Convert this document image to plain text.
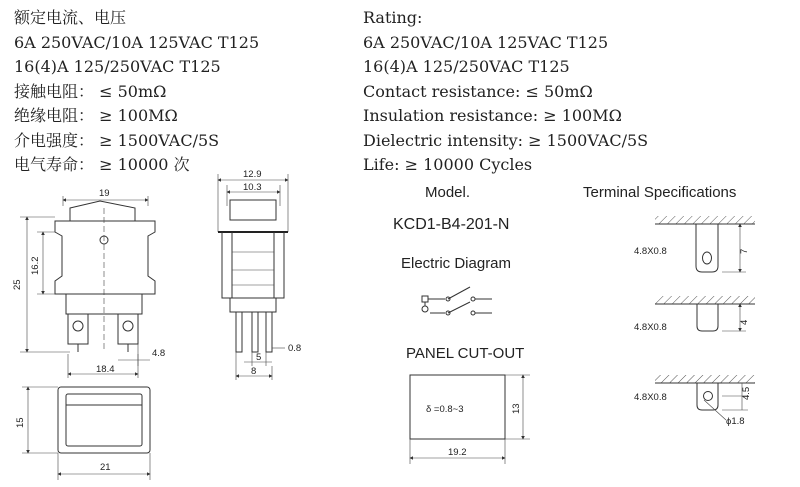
额定电流、电压
6A 250VAC/10A 125VAC T125
16(4)A 125/250VAC T125
接触电阻： ≤ 50mΩ
绝缘电阻： ≥ 100MΩ
介电强度： ≥ 1500VAC/5S
电气寿命： ≥ 10000 次
Rating:
6A 250VAC/10A 125VAC T125
16(4)A 125/250VAC T125
Contact resistance: ≤ 50mΩ
Insulation resistance: ≥ 100MΩ
Dielectric intensity: ≥ 1500VAC/5S
Life: ≥ 10000 Cycles
19
25
16.2
4.8
18.4
12.9
10.3
0.8
5
8
15
21
Model.
KCD1-B4-201-N
Electric Diagram
PANEL CUT-OUT
δ =0.8~3	13
19.2
Terminal Specifications
7
4.8X0.8
4
4.8X0.8
4.5
ϕ1.8
4.8X0.8
